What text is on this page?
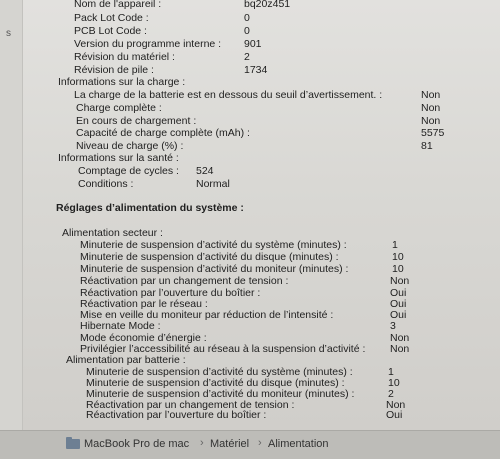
s
Nom de l'appareil :	bq20z451
Pack Lot Code :	0
PCB Lot Code :	0
Version du programme interne : 901
Révision du matériel :	2
Révision de pile :	1734
Informations sur la charge :
La charge de la batterie est en dessous du seuil d’avertissement. :	Non
Charge complète :	Non
En cours de chargement :	Non
Capacité de charge complète (mAh) :	5575
Niveau de charge (%) :	81
Informations sur la santé :
Comptage de cycles : 524
Conditions :	Normal
Réglages d’alimentation du système :
Alimentation secteur :
Minuterie de suspension d’activité du système (minutes) :	1
Minuterie de suspension d’activité du disque (minutes) :	10
Minuterie de suspension d’activité du moniteur (minutes) :	10
Réactivation par un changement de tension :	Non
Réactivation par l’ouverture du boîtier :	Oui
Réactivation par le réseau :	Oui
Mise en veille du moniteur par réduction de l’intensité :	Oui
Hibernate Mode :	3
Mode économie d’énergie :	Non
Privilégier l’accessibilité au réseau à la suspension d’activité : Non
Alimentation par batterie :
Minuterie de suspension d’activité du système (minutes) :	1
Minuterie de suspension d’activité du disque (minutes) :	10
Minuterie de suspension d’activité du moniteur (minutes) :	2
Réactivation par un changement de tension :	Non
Réactivation par l’ouverture du boîtier :	Oui
MacBook Pro de mac › Matériel › Alimentation
